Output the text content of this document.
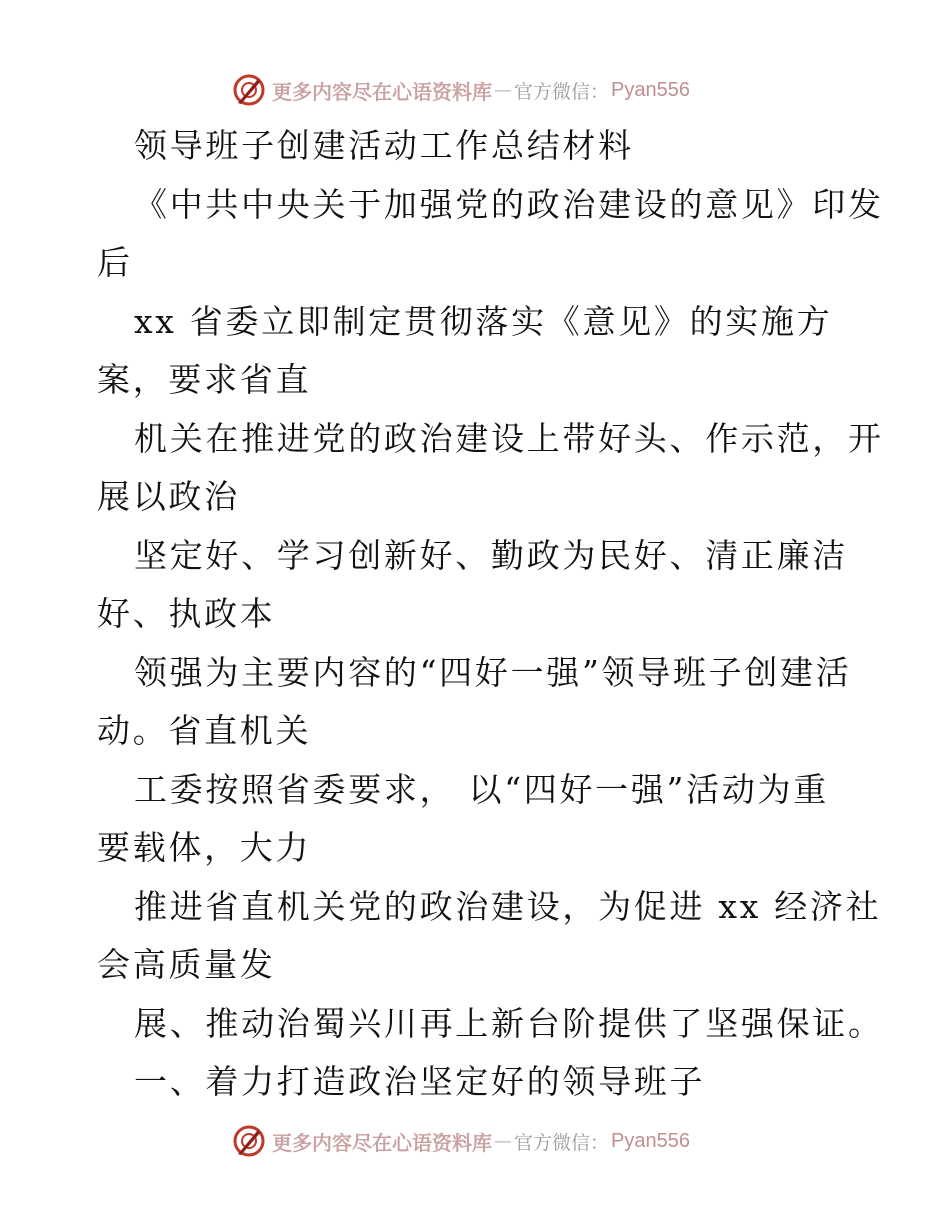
更多内容尽在心语资料库 — 官方微信： Pyan556
领导班子创建活动工作总结材料
《中共中央关于加强党的政治建设的意见》印发
后
xx 省委立即制定贯彻落实《意见》的实施方
案，要求省直
机关在推进党的政治建设上带好头、作示范，开
展以政治
坚定好、学习创新好、勤政为民好、清正廉洁
好、执政本
领强为主要内容的“四好一强”领导班子创建活
动。省直机关
工委按照省委要求， 以“四好一强”活动为重
要载体，大力
推进省直机关党的政治建设，为促进 xx 经济社
会高质量发
展、推动治蜀兴川再上新台阶提供了坚强保证。
一、着力打造政治坚定好的领导班子
更多内容尽在心语资料库 — 官方微信： Pyan556
